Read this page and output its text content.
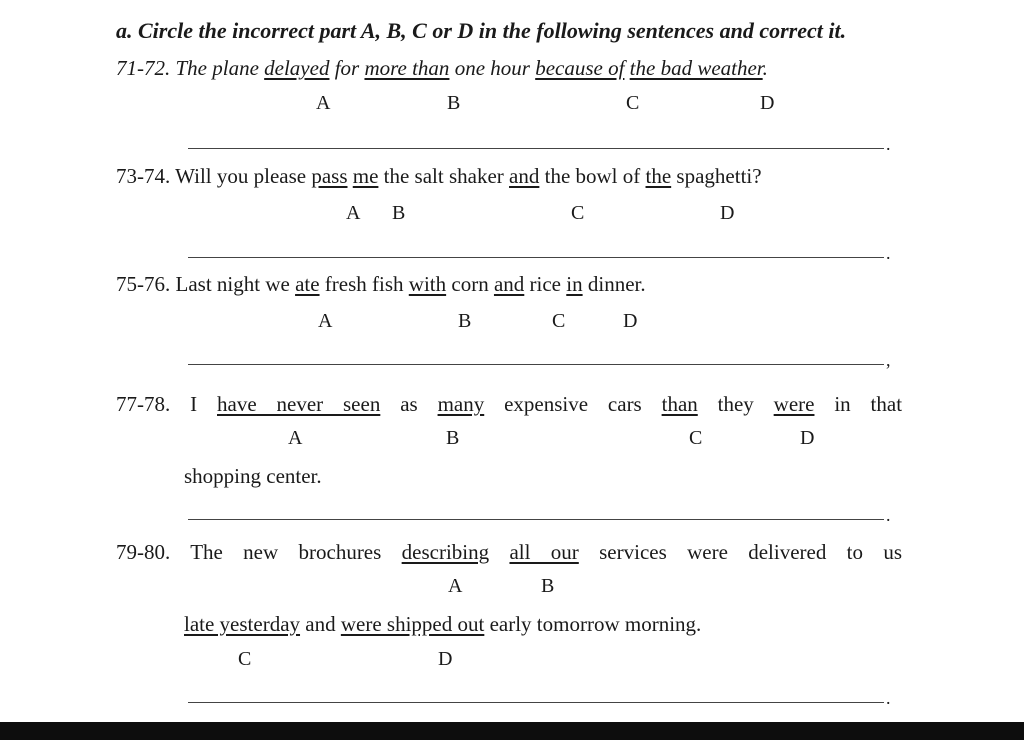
a. Circle the incorrect part A, B, C or D in the following sentences and correct it.
71-72. The plane delayed for more than one hour because of the bad weather.
A	B	C	D
.
73-74. Will you please pass me the salt shaker and the bowl of the spaghetti?
A B	C	D
.
75-76. Last night we ate fresh fish with corn and rice in dinner.
A	B	C	D
,
77-78. I have never seen as many expensive cars than they were in that
A	B	C	D
shopping center.
.
79-80. The new brochures describing all our services were delivered to us
A	B
late yesterday and were shipped out early tomorrow morning.
C	D
.
